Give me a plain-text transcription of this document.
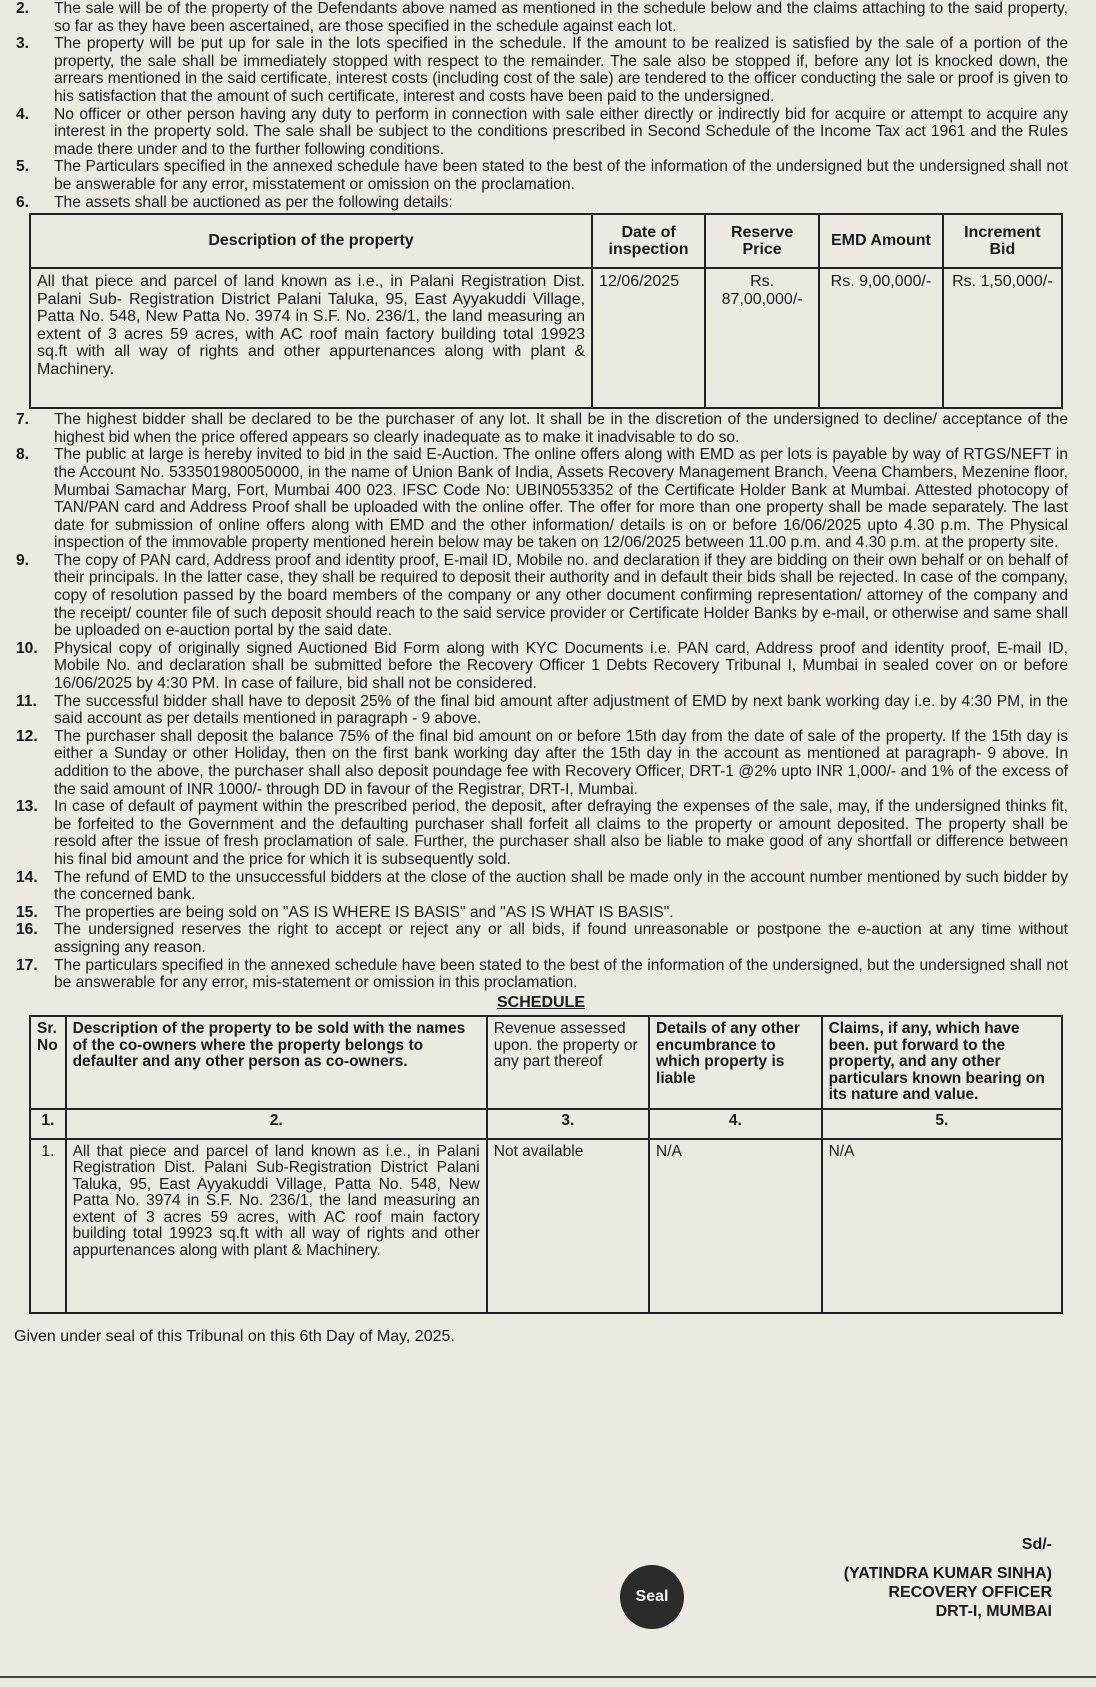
2. The sale will be of the property of the Defendants above named as mentioned in the schedule below and the claims attaching to the said property, so far as they have been ascertained, are those specified in the schedule against each lot.
3. The property will be put up for sale in the lots specified in the schedule. If the amount to be realized is satisfied by the sale of a portion of the property, the sale shall be immediately stopped with respect to the remainder. The sale also be stopped if, before any lot is knocked down, the arrears mentioned in the said certificate, interest costs (including cost of the sale) are tendered to the officer conducting the sale or proof is given to his satisfaction that the amount of such certificate, interest and costs have been paid to the undersigned.
4. No officer or other person having any duty to perform in connection with sale either directly or indirectly bid for acquire or attempt to acquire any interest in the property sold. The sale shall be subject to the conditions prescribed in Second Schedule of the Income Tax act 1961 and the Rules made there under and to the further following conditions.
5. The Particulars specified in the annexed schedule have been stated to the best of the information of the undersigned but the undersigned shall not be answerable for any error, misstatement or omission on the proclamation.
6. The assets shall be auctioned as per the following details:
Description of the property	Date of inspection	Reserve Price	EMD Amount	Increment Bid
All that piece and parcel of land known as i.e., in Palani Registration Dist. Palani Sub- Registration District Palani Taluka, 95, East Ayyakuddi Village, Patta No. 548, New Patta No. 3974 in S.F. No. 236/1, the land measuring an extent of 3 acres 59 acres, with AC roof main factory building total 19923 sq.ft with all way of rights and other appurtenances along with plant & Machinery.	12/06/2025	Rs. 87,00,000/-	Rs. 9,00,000/-	Rs. 1,50,000/-
7. The highest bidder shall be declared to be the purchaser of any lot. It shall be in the discretion of the undersigned to decline/ acceptance of the highest bid when the price offered appears so clearly inadequate as to make it inadvisable to do so.
8. The public at large is hereby invited to bid in the said E-Auction. The online offers along with EMD as per lots is payable by way of RTGS/NEFT in the Account No. 533501980050000, in the name of Union Bank of India, Assets Recovery Management Branch, Veena Chambers, Mezenine floor, Mumbai Samachar Marg, Fort, Mumbai 400 023. IFSC Code No: UBIN0553352 of the Certificate Holder Bank at Mumbai. Attested photocopy of TAN/PAN card and Address Proof shall be uploaded with the online offer. The offer for more than one property shall be made separately. The last date for submission of online offers along with EMD and the other information/ details is on or before 16/06/2025 upto 4.30 p.m. The Physical inspection of the immovable property mentioned herein below may be taken on 12/06/2025 between 11.00 p.m. and 4.30 p.m. at the property site.
9. The copy of PAN card, Address proof and identity proof, E-mail ID, Mobile no. and declaration if they are bidding on their own behalf or on behalf of their principals. In the latter case, they shall be required to deposit their authority and in default their bids shall be rejected. In case of the company, copy of resolution passed by the board members of the company or any other document confirming representation/ attorney of the company and the receipt/ counter file of such deposit should reach to the said service provider or Certificate Holder Banks by e-mail, or otherwise and same shall be uploaded on e-auction portal by the said date.
10. Physical copy of originally signed Auctioned Bid Form along with KYC Documents i.e. PAN card, Address proof and identity proof, E-mail ID, Mobile No. and declaration shall be submitted before the Recovery Officer 1 Debts Recovery Tribunal I, Mumbai in sealed cover on or before 16/06/2025 by 4:30 PM. In case of failure, bid shall not be considered.
11. The successful bidder shall have to deposit 25% of the final bid amount after adjustment of EMD by next bank working day i.e. by 4:30 PM, in the said account as per details mentioned in paragraph - 9 above.
12. The purchaser shall deposit the balance 75% of the final bid amount on or before 15th day from the date of sale of the property. If the 15th day is either a Sunday or other Holiday, then on the first bank working day after the 15th day in the account as mentioned at paragraph- 9 above. In addition to the above, the purchaser shall also deposit poundage fee with Recovery Officer, DRT-1 @2% upto INR 1,000/- and 1% of the excess of the said amount of INR 1000/- through DD in favour of the Registrar, DRT-I, Mumbai.
13. In case of default of payment within the prescribed period, the deposit, after defraying the expenses of the sale, may, if the undersigned thinks fit, be forfeited to the Government and the defaulting purchaser shall forfeit all claims to the property or amount deposited. The property shall be resold after the issue of fresh proclamation of sale. Further, the purchaser shall also be liable to make good of any shortfall or difference between his final bid amount and the price for which it is subsequently sold.
14. The refund of EMD to the unsuccessful bidders at the close of the auction shall be made only in the account number mentioned by such bidder by the concerned bank.
15. The properties are being sold on "AS IS WHERE IS BASIS" and "AS IS WHAT IS BASIS".
16. The undersigned reserves the right to accept or reject any or all bids, if found unreasonable or postpone the e-auction at any time without assigning any reason.
17. The particulars specified in the annexed schedule have been stated to the best of the information of the undersigned, but the undersigned shall not be answerable for any error, mis-statement or omission in this proclamation.
SCHEDULE
Sr. No	Description of the property to be sold with the names of the co-owners where the property belongs to defaulter and any other person as co-owners.	Revenue assessed upon. the property or any part thereof	Details of any other encumbrance to which property is liable	Claims, if any, which have been. put forward to the property, and any other particulars known bearing on its nature and value.
1.	2.	3.	4.	5.
1.	All that piece and parcel of land known as i.e., in Palani Registration Dist. Palani Sub-Registration District Palani Taluka, 95, East Ayyakuddi Village, Patta No. 548, New Patta No. 3974 in S.F. No. 236/1, the land measuring an extent of 3 acres 59 acres, with AC roof main factory building total 19923 sq.ft with all way of rights and other appurtenances along with plant & Machinery.	Not available	N/A	N/A
Given under seal of this Tribunal on this 6th Day of May, 2025.
Seal
Sd/-
(YATINDRA KUMAR SINHA)
RECOVERY OFFICER
DRT-I, MUMBAI
